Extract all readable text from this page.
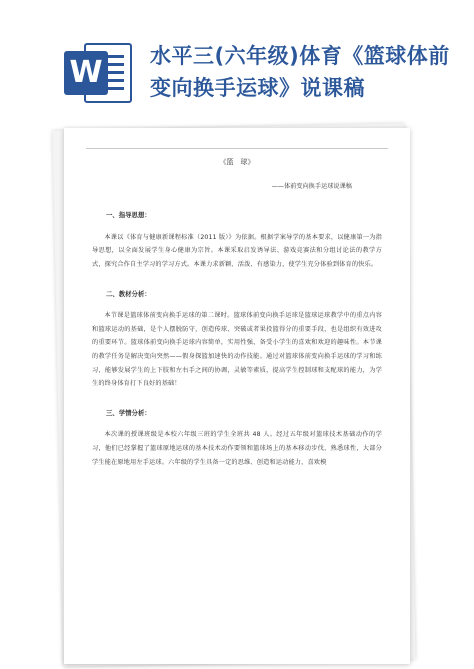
W 水平三(六年级)体育《篮球体前变向换手运球》说课稿

《篮　球》

——体前变向换手运球说课稿

一、指导思想：

本课以《体育与健康新课程标准（2011 版）》为依据。根据学案导学的基本要求，以健康第一为指导思想，以全面发展学生身心健康为宗旨。本课采取启发诱导法、游戏竞赛法和分组讨论法的教学方式，探究合作自主学习的学习方式。本课力求新颖、活泼、有感染力，使学生充分体验到体育的快乐。

二、教材分析：

本节课是篮球体前变向换手运球的第二课时。篮球体前变向换手运球是篮球运球教学中的重点内容和篮球运动的基础，是个人摆脱防守，创造传球、突破或者果投篮得分的重要手段，也是组织有效进攻的重要环节。篮球体前变向换手运球内容简单，实用性强，备受小学生的喜欢和欢迎的趣味性。本节课的教学任务是解决变向突然——假身探篮加速快的动作技能。通过对篮球体前变向换手运球的学习和练习，能够发展学生的上下肢和左右手之间的协调，灵敏等素质，提高学生控制球和支配球的能力，为学生的终身体育打下良好的基础！

三、学情分析：

本次课的授课班级是本校六年级三班的学生全班共 48 人。经过五年级对篮球技术基础动作的学习，他们已经掌握了篮球原地运球的基本技术动作要领和篮球场上的基本移动步伐，熟悉球性，大部分学生能在原地用左手运球。六年级的学生具备一定的思维、创造和运动能力，喜欢模
